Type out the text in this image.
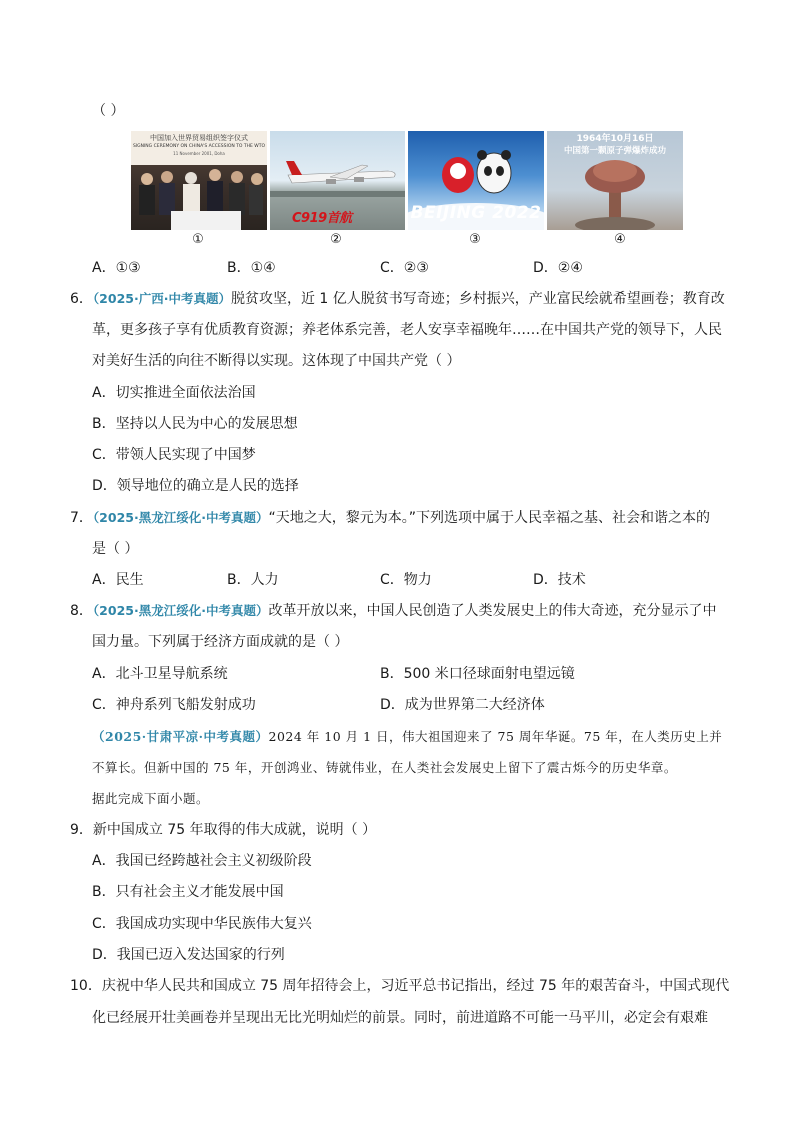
（ ）
中国加入世界贸易组织签字仪式
SIGNING CEREMONY ON CHINA'S ACCESSION TO THE WTO
11 November 2001, Doha
①
C919首航
②
BEIJING 2022
③
1964年10月16日
中国第一颗原子弹爆炸成功
④
A．①③	B．①④	C．②③	D．②④
6．（2025·广西·中考真题）脱贫攻坚，近 1 亿人脱贫书写奇迹；乡村振兴，产业富民绘就希望画卷；教育改
革，更多孩子享有优质教育资源；养老体系完善，老人安享幸福晚年……在中国共产党的领导下，人民
对美好生活的向往不断得以实现。这体现了中国共产党（ ）
A．切实推进全面依法治国
B．坚持以人民为中心的发展思想
C．带领人民实现了中国梦
D．领导地位的确立是人民的选择
7．（2025·黑龙江绥化·中考真题）“天地之大，黎元为本。”下列选项中属于人民幸福之基、社会和谐之本的
是（ ）
A．民生	B．人力	C．物力	D．技术
8．（2025·黑龙江绥化·中考真题）改革开放以来，中国人民创造了人类发展史上的伟大奇迹，充分显示了中
国力量。下列属于经济方面成就的是（ ）
A．北斗卫星导航系统	B．500 米口径球面射电望远镜
C．神舟系列飞船发射成功	D．成为世界第二大经济体
（2025·甘肃平凉·中考真题）2024 年 10 月 1 日，伟大祖国迎来了 75 周年华诞。75 年，在人类历史上并
不算长。但新中国的 75 年，开创鸿业、铸就伟业，在人类社会发展史上留下了震古烁今的历史华章。
据此完成下面小题。
9．新中国成立 75 年取得的伟大成就，说明（ ）
A．我国已经跨越社会主义初级阶段
B．只有社会主义才能发展中国
C．我国成功实现中华民族伟大复兴
D．我国已迈入发达国家的行列
10．庆祝中华人民共和国成立 75 周年招待会上，习近平总书记指出，经过 75 年的艰苦奋斗，中国式现代
化已经展开壮美画卷并呈现出无比光明灿烂的前景。同时，前进道路不可能一马平川，必定会有艰难
